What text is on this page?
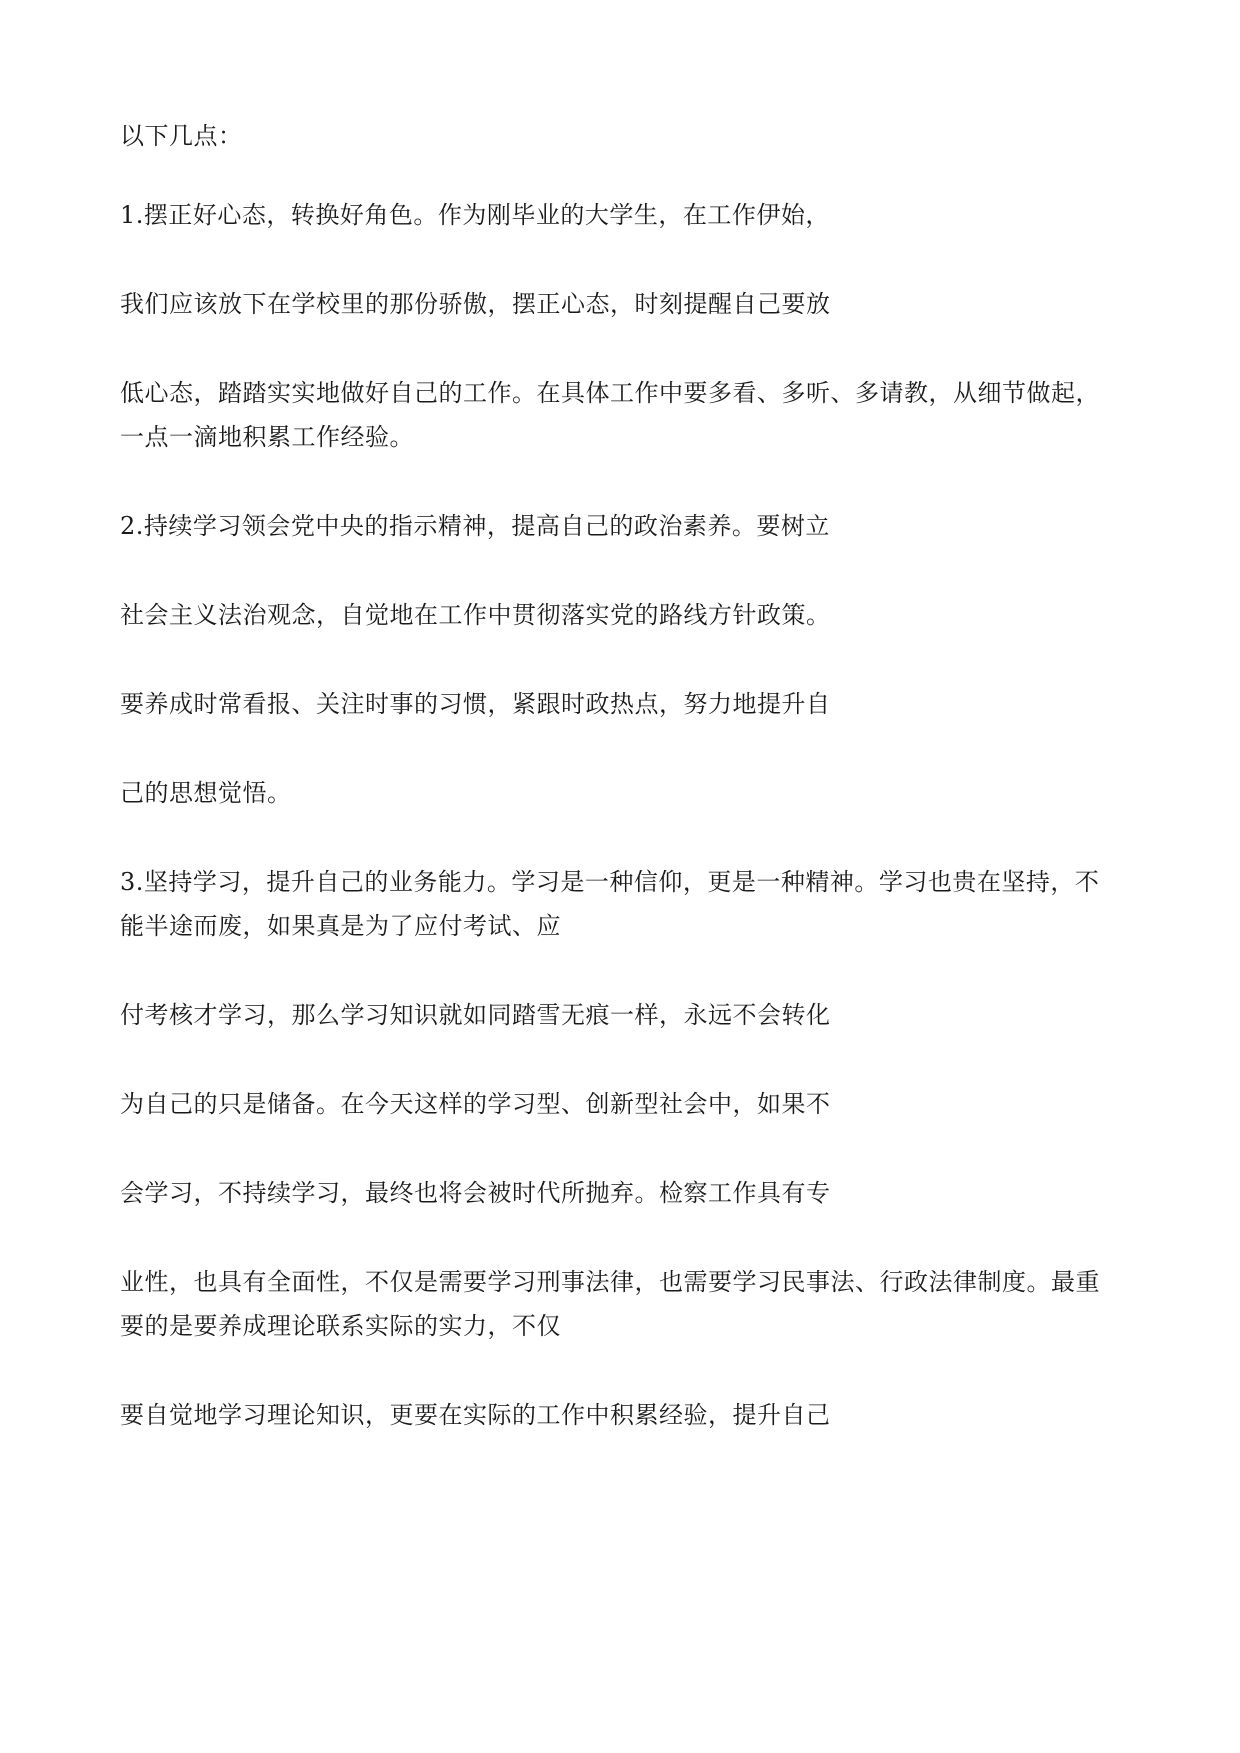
以下几点：
1.摆正好心态，转换好角色。作为刚毕业的大学生，在工作伊始，
我们应该放下在学校里的那份骄傲，摆正心态，时刻提醒自己要放
低心态，踏踏实实地做好自己的工作。在具体工作中要多看、多听、多请教，从细节做起，
一点一滴地积累工作经验。
2.持续学习领会党中央的指示精神，提高自己的政治素养。要树立
社会主义法治观念，自觉地在工作中贯彻落实党的路线方针政策。
要养成时常看报、关注时事的习惯，紧跟时政热点，努力地提升自
己的思想觉悟。
3.坚持学习，提升自己的业务能力。学习是一种信仰，更是一种精神。学习也贵在坚持，不
能半途而废，如果真是为了应付考试、应
付考核才学习，那么学习知识就如同踏雪无痕一样，永远不会转化
为自己的只是储备。在今天这样的学习型、创新型社会中，如果不
会学习，不持续学习，最终也将会被时代所抛弃。检察工作具有专
业性，也具有全面性，不仅是需要学习刑事法律，也需要学习民事法、行政法律制度。最重
要的是要养成理论联系实际的实力，不仅
要自觉地学习理论知识，更要在实际的工作中积累经验，提升自己
